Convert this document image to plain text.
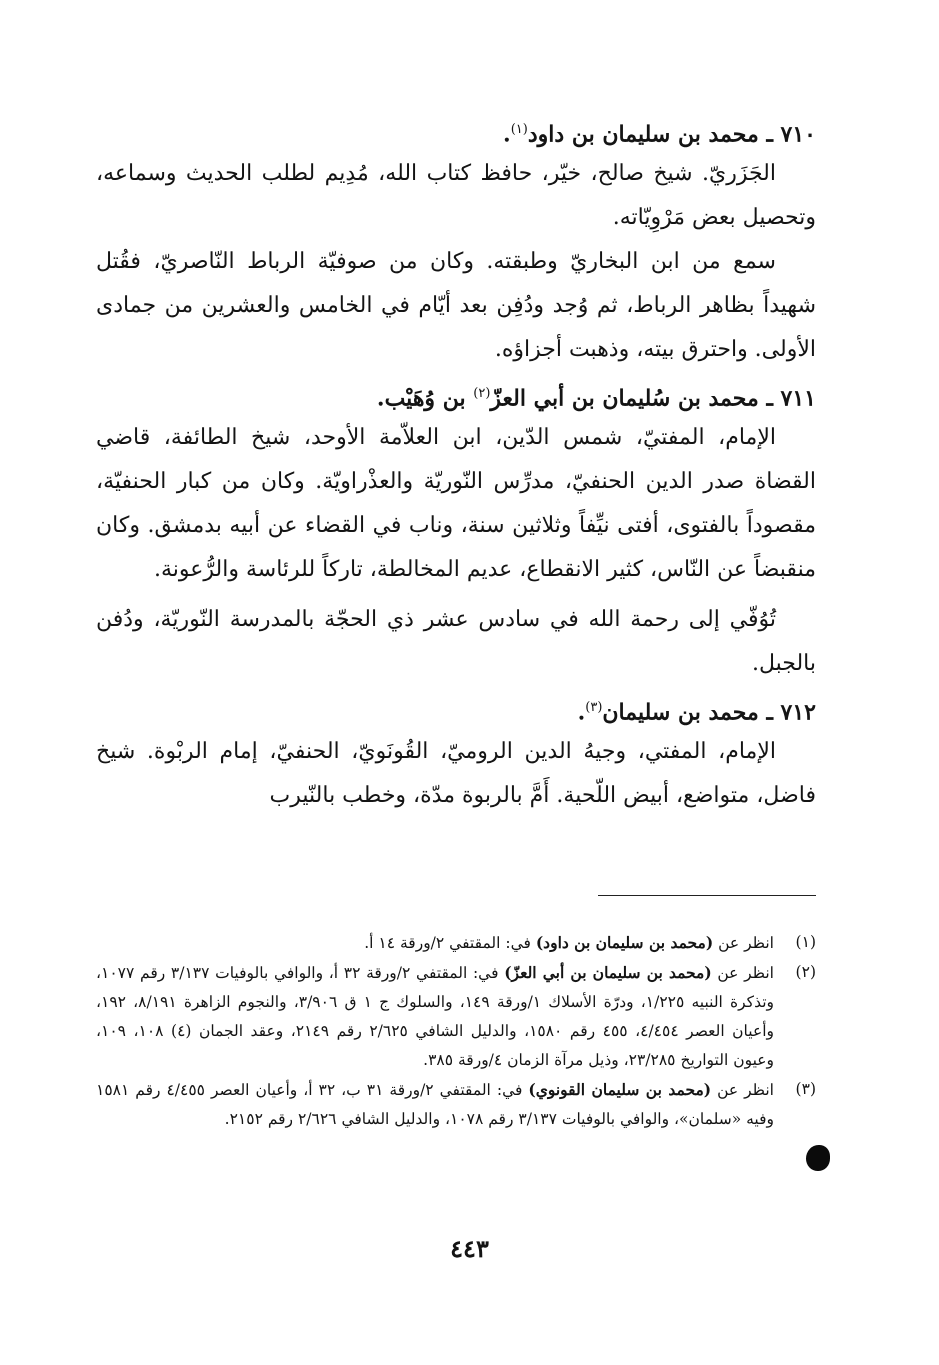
٧١٠ ـ محمد بن سليمان بن داود$^{(١)}$.

الجَزَريّ. شيخ صالح، خيّر، حافظ كتاب الله، مُدِيم لطلب الحديث وسماعه، وتحصيل بعض مَرْوِيّاته.

سمع من ابن البخاريّ وطبقته. وكان من صوفيّة الرباط النّاصريّ، فقُتل شهيداً بظاهر الرباط، ثم وُجد ودُفِن بعد أيّام في الخامس والعشرين من جمادى الأولى. واحترق بيته، وذهبت أجزاؤه.

٧١١ ـ محمد بن سُليمان بن أبي العزّ$^{(٢)}$ بن وُهَيْب.

الإمام، المفتيّ، شمس الدّين، ابن العلاّمة الأوحد، شيخ الطائفة، قاضي القضاة صدر الدين الحنفيّ، مدرِّس النّوريّة والعذْراويّة. وكان من كبار الحنفيّة، مقصوداً بالفتوى، أفتى نيِّفاً وثلاثين سنة، وناب في القضاء عن أبيه بدمشق. وكان منقبضاً عن النّاس، كثير الانقطاع، عديم المخالطة، تاركاً للرئاسة والرُّعونة.

تُوُفّي إلى رحمة الله في سادس عشر ذي الحجّة بالمدرسة النّوريّة، ودُفن بالجبل.

٧١٢ ـ محمد بن سليمان$^{(٣)}$.

الإمام، المفتي، وجيهُ الدين الروميّ، القُونَويّ، الحنفيّ، إمام الربْوة. شيخ فاضل، متواضع، أبيض اللّحية. أَمَّ بالربوة مدّة، وخطب بالنّيرب

(١)
انظر عن (محمد بن سليمان بن داود) في: المقتفي ٢/ورقة ١٤ أ.
(٢)
انظر عن (محمد بن سليمان بن أبي العزّ) في: المقتفي ٢/ورقة ٣٢ أ، والوافي بالوفيات ٣/١٣٧ رقم ١٠٧٧، وتذكرة النبيه ١/٢٢٥، ودرّة الأسلاك ١/ورقة ١٤٩، والسلوك ج ١ ق ٣/٩٠٦، والنجوم الزاهرة ٨/١٩١، ١٩٢، وأعيان العصر ٤/٤٥٤، ٤٥٥ رقم ١٥٨٠، والدليل الشافي ٢/٦٢٥ رقم ٢١٤٩، وعقد الجمان (٤) ١٠٨، ١٠٩، وعيون التواريخ ٢٣/٢٨٥، وذيل مرآة الزمان ٤/ورقة ٣٨٥.
(٣)
انظر عن (محمد بن سليمان القونوي) في: المقتفي ٢/ورقة ٣١ ب، ٣٢ أ، وأعيان العصر ٤/٤٥٥ رقم ١٥٨١ وفيه «سلمان»، والوافي بالوفيات ٣/١٣٧ رقم ١٠٧٨، والدليل الشافي ٢/٦٢٦ رقم ٢١٥٢.
٤٤٣
